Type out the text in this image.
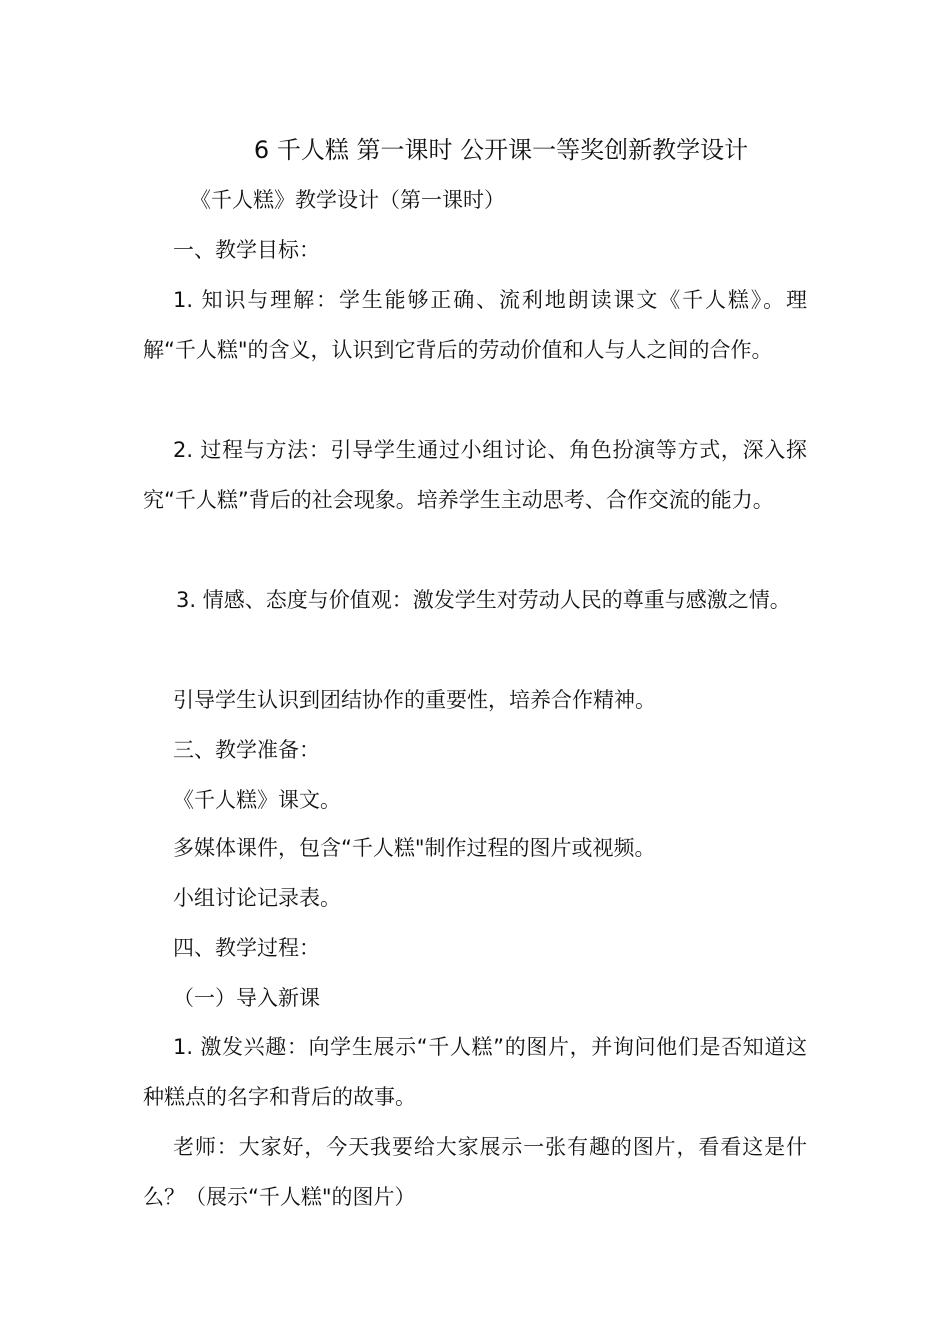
6 千人糕 第一课时 公开课一等奖创新教学设计
《千人糕》教学设计（第一课时）
一、教学目标：
1. 知识与理解：学生能够正确、流利地朗读课文《千人糕》。理解“千人糕"的含义，认识到它背后的劳动价值和人与人之间的合作。
2. 过程与方法：引导学生通过小组讨论、角色扮演等方式，深入探究“千人糕”背后的社会现象。培养学生主动思考、合作交流的能力。
3. 情感、态度与价值观：激发学生对劳动人民的尊重与感激之情。
引导学生认识到团结协作的重要性，培养合作精神。
三、教学准备：
《千人糕》课文。
多媒体课件，包含“千人糕"制作过程的图片或视频。
小组讨论记录表。
四、教学过程：
（一）导入新课
1. 激发兴趣：向学生展示“千人糕”的图片，并询问他们是否知道这种糕点的名字和背后的故事。
老师：大家好，今天我要给大家展示一张有趣的图片，看看这是什么？（展示“千人糕"的图片）
